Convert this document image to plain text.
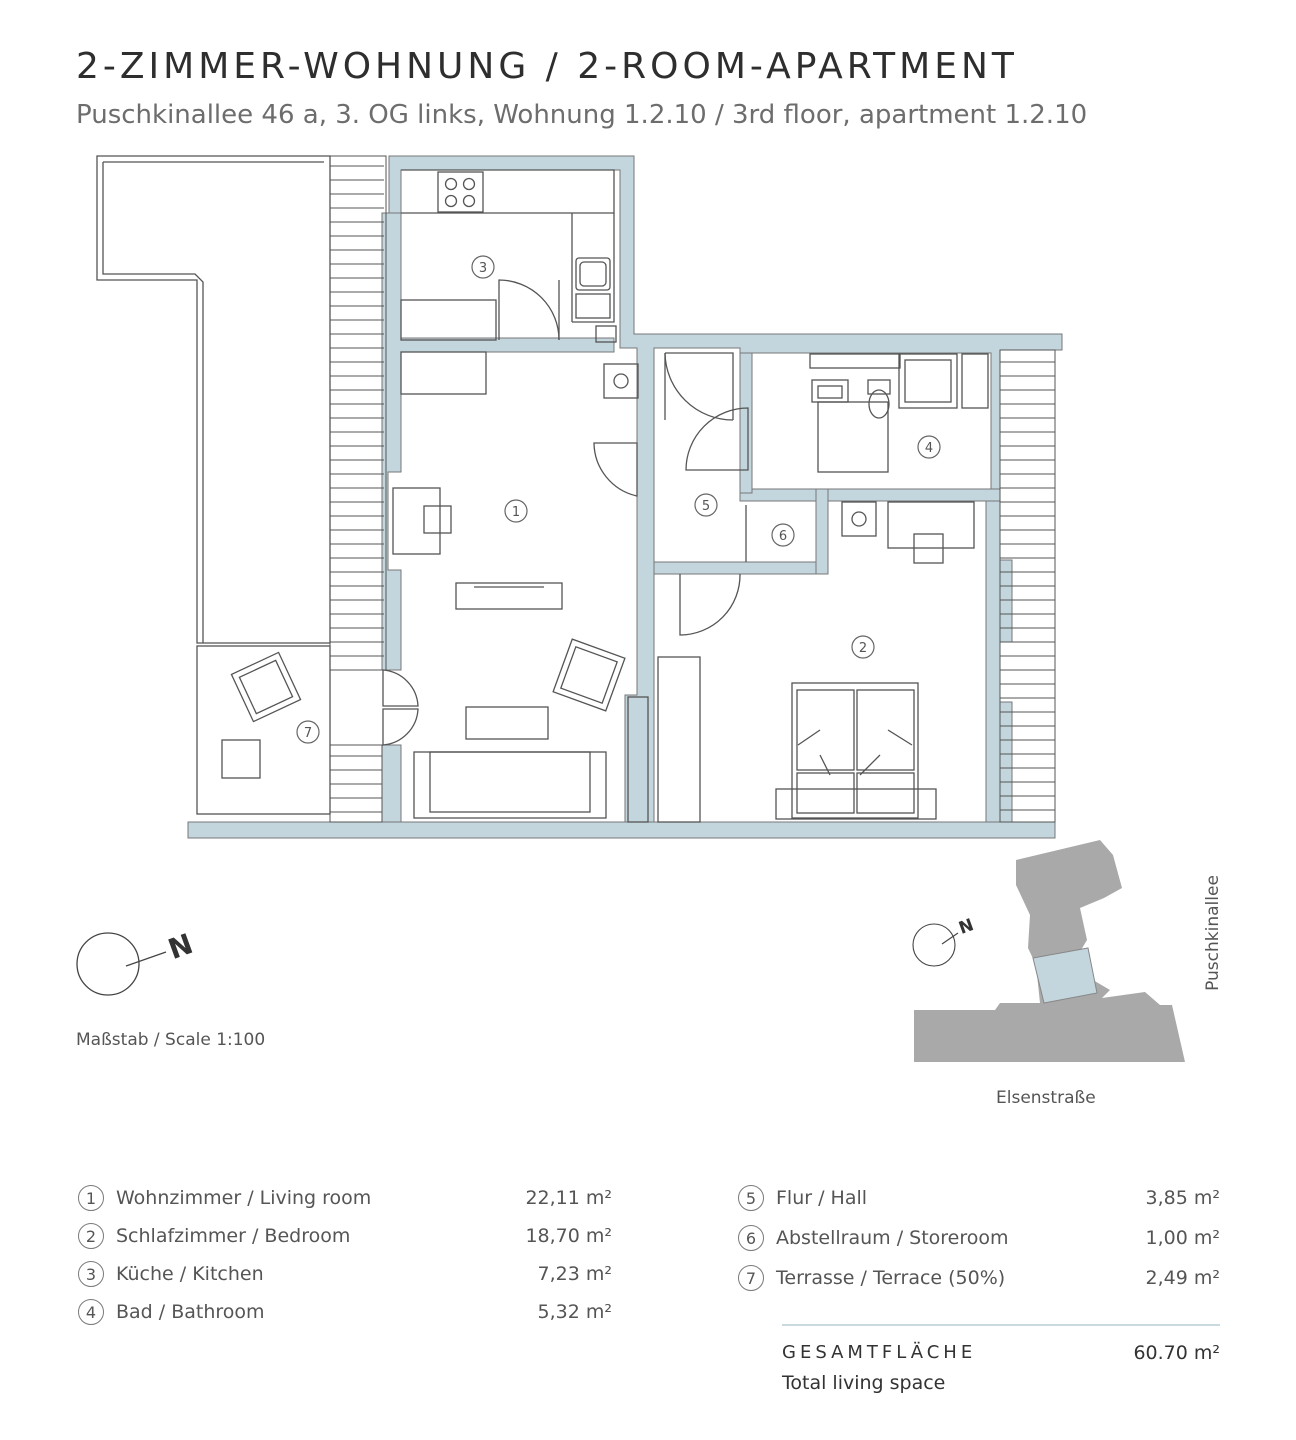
2-ZIMMER-WOHNUNG / 2-ROOM-APARTMENT
Puschkinallee 46 a, 3. OG links, Wohnung 1.2.10 / 3rd floor, apartment 1.2.10
1
2
3
4
5
6
7
N
N
Maßstab / Scale 1:100
Elsenstraße
Puschkinallee
1	Wohnzimmer / Living room	22,11 m²
2	Schlafzimmer / Bedroom	18,70 m²
3	Küche / Kitchen	7,23 m²
4	Bad / Bathroom	5,32 m²
5	Flur / Hall	3,85 m²
6	Abstellraum / Storeroom	1,00 m²
7	Terrasse / Terrace (50%)	2,49 m²
GESAMTFLÄCHE
Total living space
60.70 m²
